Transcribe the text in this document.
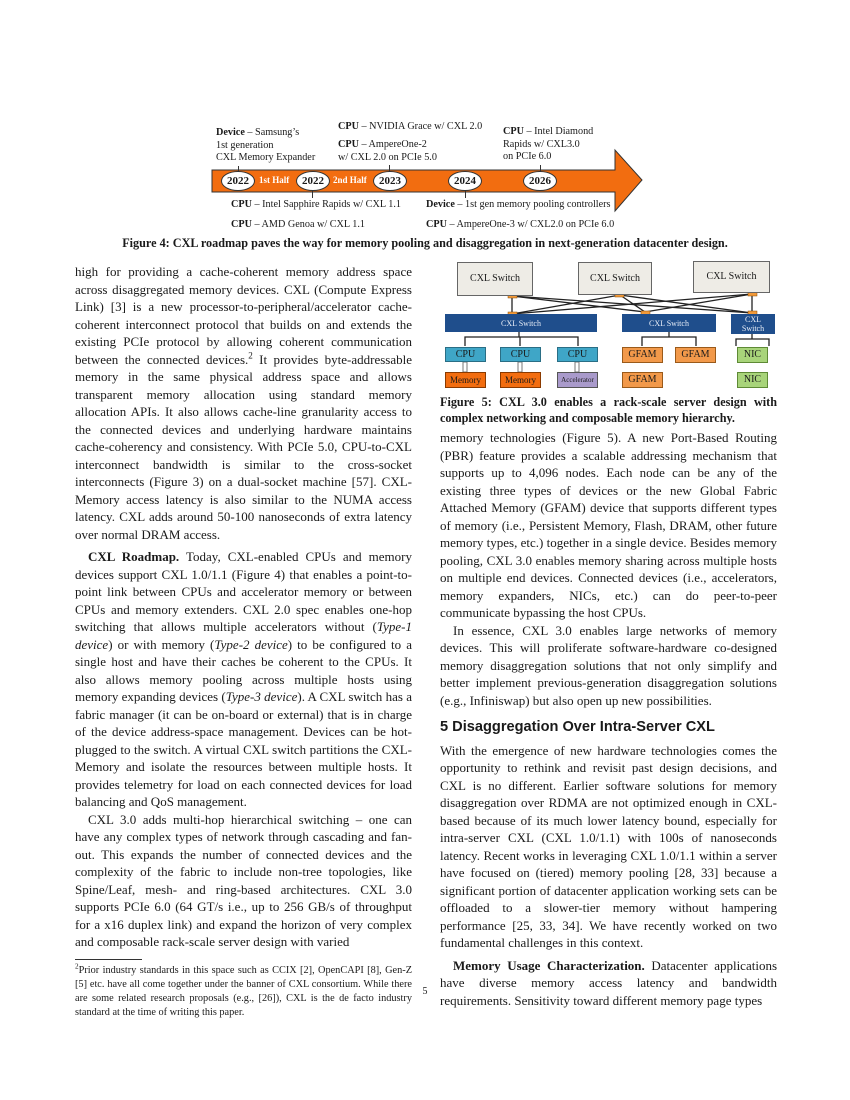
2022	1st Half	2022	2nd Half	2023	2024	2026
Device – Samsung’s
1st generation
CXL Memory Expander
CPU – NVIDIA Grace w/ CXL 2.0
CPU – AmpereOne-2
w/ CXL 2.0 on PCIe 5.0
CPU – Intel Diamond
Rapids w/ CXL3.0
on PCIe 6.0
CPU – Intel Sapphire Rapids w/ CXL 1.1
CPU – AMD Genoa w/ CXL 1.1
Device – 1st gen memory pooling controllers
CPU – AmpereOne-3 w/ CXL2.0 on PCIe 6.0
Figure 4: CXL roadmap paves the way for memory pooling and disaggregation in next-generation datacenter design.
CXL Switch	CXL Switch	CXL Switch
CXL Switch	CXL Switch	CXL Switch
CPU	CPU	CPU
Memory	Memory	Accelerator
GFAM	GFAM
GFAM
NIC
NIC

high for providing a cache-coherent memory address space across disaggregated memory devices. CXL (Compute Express Link) [3] is a new processor-to-peripheral/accelerator cache-coherent interconnect protocol that builds on and extends the existing PCIe protocol by allowing coherent communication between the connected devices.$^2$ It provides byte-addressable memory in the same physical address space and allows transparent memory allocation using standard memory allocation APIs. It also allows cache-line granularity access to the connected devices and underlying hardware maintains cache-coherency and consistency. With PCIe 5.0, CPU-to-CXL interconnect bandwidth is similar to the cross-socket interconnects (Figure 3) on a dual-socket machine [57]. CXL-Memory access latency is also similar to the NUMA access latency. CXL adds around 50-100 nanoseconds of extra latency over normal DRAM access.

CXL Roadmap. Today, CXL-enabled CPUs and memory devices support CXL 1.0/1.1 (Figure 4) that enables a point-to-point link between CPUs and accelerator memory or between CPUs and memory extenders. CXL 2.0 spec enables one-hop switching that allows multiple accelerators without (Type-1 device) or with memory (Type-2 device) to be configured to a single host and have their caches be coherent to the CPUs. It also allows memory pooling across multiple hosts using memory expanding devices (Type-3 device). A CXL switch has a fabric manager (it can be on-board or external) that is in charge of the device address-space management. Devices can be hot-plugged to the switch. A virtual CXL switch partitions the CXL-Memory and isolate the resources between multiple hosts. It provides telemetry for load on each connected devices for load balancing and QoS management.

CXL 3.0 adds multi-hop hierarchical switching – one can have any complex types of network through cascading and fan-out. This expands the number of connected devices and the complexity of the fabric to include non-tree topologies, like Spine/Leaf, mesh- and ring-based architectures. CXL 3.0 supports PCIe 6.0 (64 GT/s i.e., up to 256 GB/s of throughput for a x16 duplex link) and expand the horizon of very complex and composable rack-scale server design with varied

$^2$Prior industry standards in this space such as CCIX [2], OpenCAPI [8], Gen-Z [5] etc. have all come together under the banner of CXL consortium. While there are some related research proposals (e.g., [26]), CXL is the de facto industry standard at the time of writing this paper.
Figure 5: CXL 3.0 enables a rack-scale server design with complex networking and composable memory hierarchy.

memory technologies (Figure 5). A new Port-Based Routing (PBR) feature provides a scalable addressing mechanism that supports up to 4,096 nodes. Each node can be any of the existing three types of devices or the new Global Fabric Attached Memory (GFAM) device that supports different types of memory (i.e., Persistent Memory, Flash, DRAM, other future memory types, etc.) together in a single device. Besides memory pooling, CXL 3.0 enables memory sharing across multiple hosts on multiple end devices. Connected devices (i.e., accelerators, memory expanders, NICs, etc.) can do peer-to-peer communicate bypassing the host CPUs.

In essence, CXL 3.0 enables large networks of memory devices. This will proliferate software-hardware co-designed memory disaggregation solutions that not only simplify and better implement previous-generation disaggregation solutions (e.g., Infiniswap) but also open up new possibilities.

5 Disaggregation Over Intra-Server CXL

With the emergence of new hardware technologies comes the opportunity to rethink and revisit past design decisions, and CXL is no different. Earlier software solutions for memory disaggregation over RDMA are not optimized enough in CXL-based because of its much lower latency bound, especially for intra-server CXL (CXL 1.0/1.1) with 100s of nanoseconds latency. Recent works in leveraging CXL 1.0/1.1 within a server have focused on (tiered) memory pooling [28, 33] because a significant portion of datacenter application working sets can be offloaded to a slower-tier memory without hampering performance [25, 33, 34]. We have recently worked on two fundamental challenges in this context.

Memory Usage Characterization. Datacenter applications have diverse memory access latency and bandwidth requirements. Sensitivity toward different memory page types

5
